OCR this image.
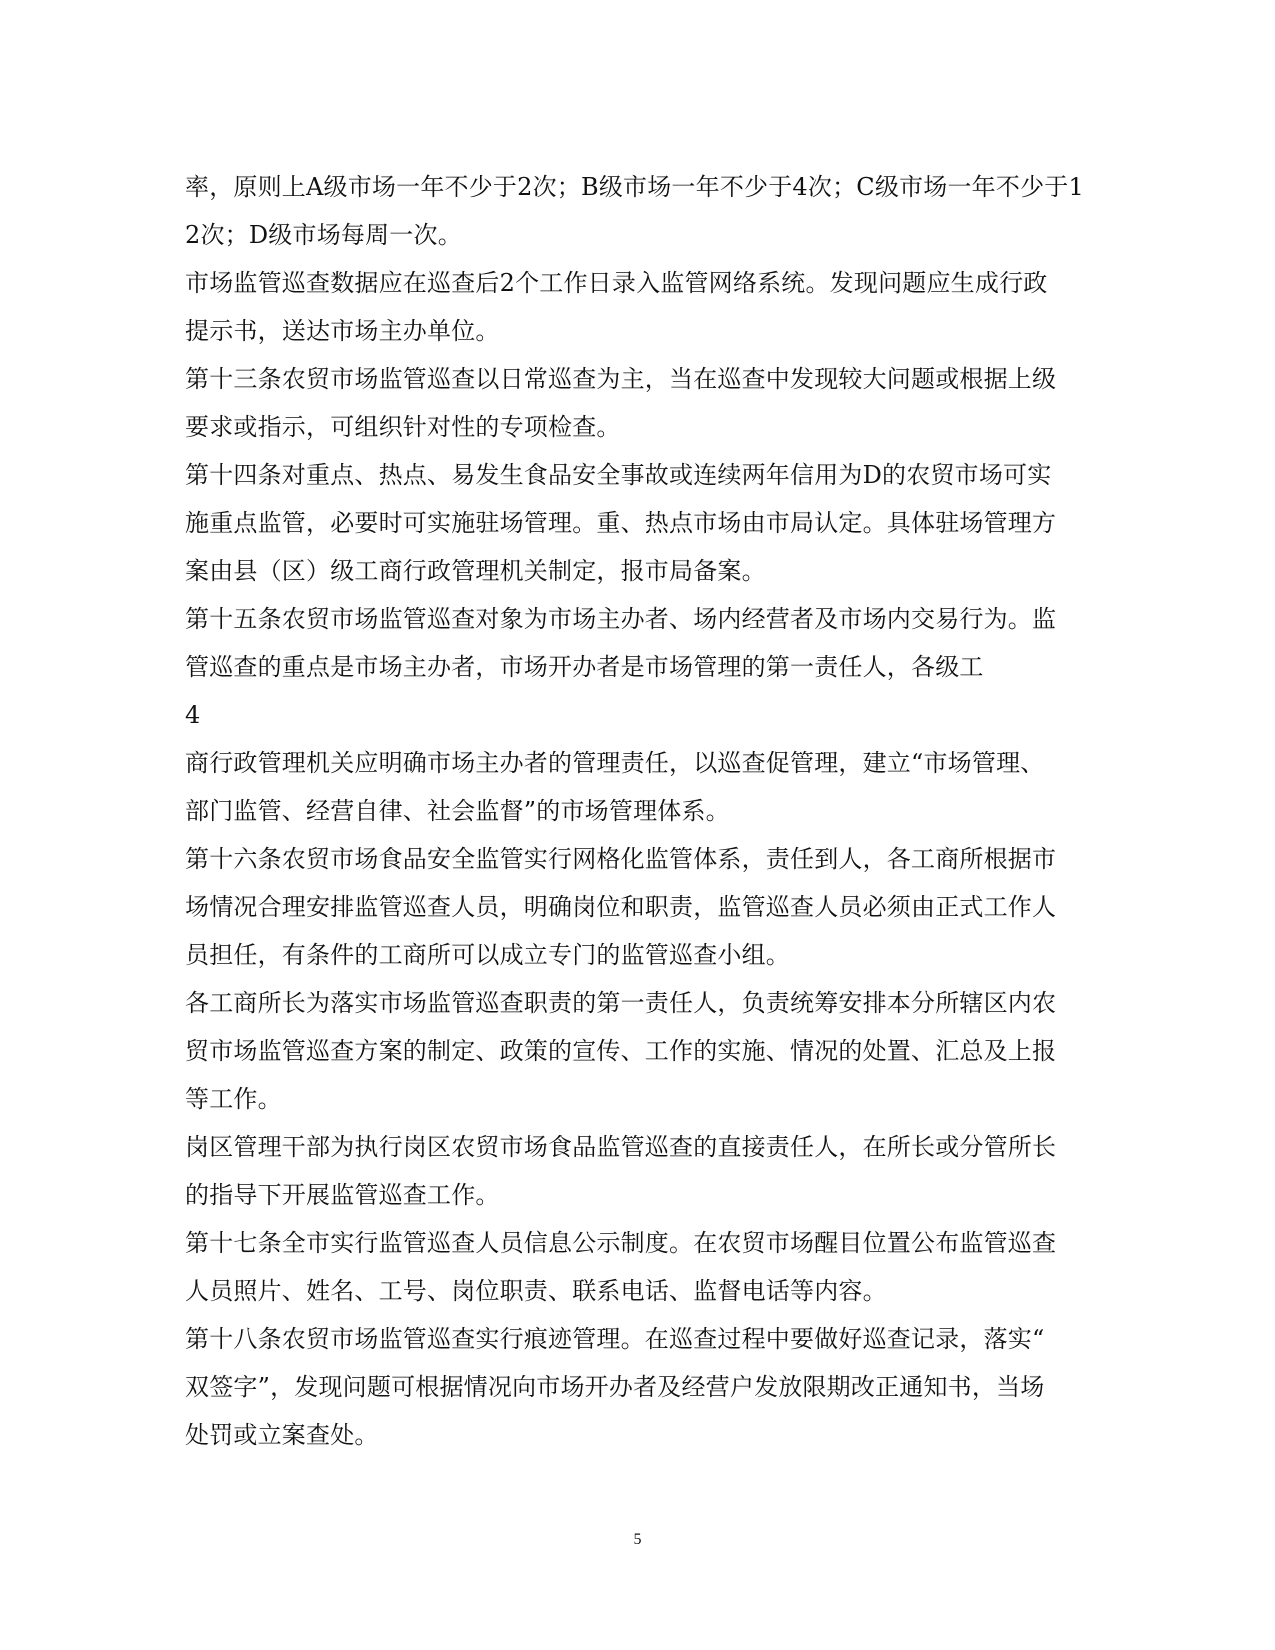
率，原则上A级市场一年不少于2次；B级市场一年不少于4次；C级市场一年不少于1
2次；D级市场每周一次。
市场监管巡查数据应在巡查后2个工作日录入监管网络系统。发现问题应生成行政
提示书，送达市场主办单位。
第十三条农贸市场监管巡查以日常巡查为主，当在巡查中发现较大问题或根据上级
要求或指示，可组织针对性的专项检查。
第十四条对重点、热点、易发生食品安全事故或连续两年信用为D的农贸市场可实
施重点监管，必要时可实施驻场管理。重、热点市场由市局认定。具体驻场管理方
案由县（区）级工商行政管理机关制定，报市局备案。
第十五条农贸市场监管巡查对象为市场主办者、场内经营者及市场内交易行为。监
管巡查的重点是市场主办者，市场开办者是市场管理的第一责任人，各级工
4
商行政管理机关应明确市场主办者的管理责任，以巡查促管理，建立“市场管理、
部门监管、经营自律、社会监督”的市场管理体系。
第十六条农贸市场食品安全监管实行网格化监管体系，责任到人，各工商所根据市
场情况合理安排监管巡查人员，明确岗位和职责，监管巡查人员必须由正式工作人
员担任，有条件的工商所可以成立专门的监管巡查小组。
各工商所长为落实市场监管巡查职责的第一责任人，负责统筹安排本分所辖区内农
贸市场监管巡查方案的制定、政策的宣传、工作的实施、情况的处置、汇总及上报
等工作。
岗区管理干部为执行岗区农贸市场食品监管巡查的直接责任人，在所长或分管所长
的指导下开展监管巡查工作。
第十七条全市实行监管巡查人员信息公示制度。在农贸市场醒目位置公布监管巡查
人员照片、姓名、工号、岗位职责、联系电话、监督电话等内容。
第十八条农贸市场监管巡查实行痕迹管理。在巡查过程中要做好巡查记录，落实“
双签字”，发现问题可根据情况向市场开办者及经营户发放限期改正通知书，当场
处罚或立案查处。
5
